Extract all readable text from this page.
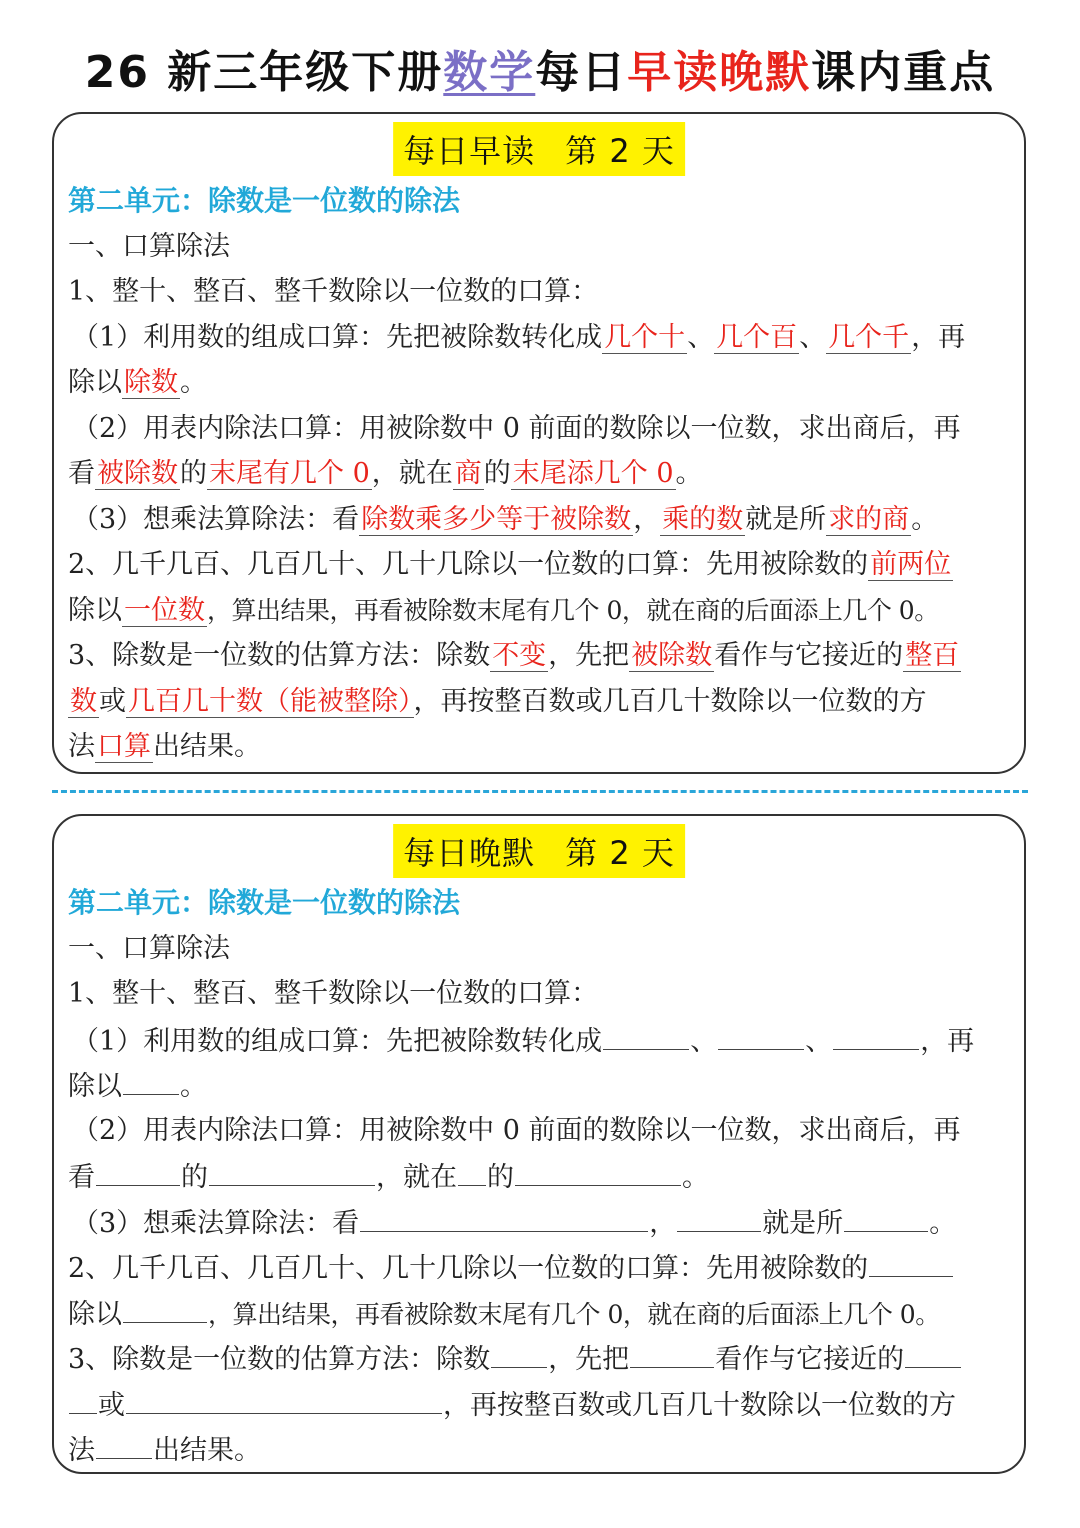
26 新三年级下册数学每日早读晚默课内重点
每日早读 第 2 天
第二单元：除数是一位数的除法
一、口算除法
1、整十、整百、整千数除以一位数的口算：
（1）利用数的组成口算：先把被除数转化成几个十、几个百、几个千，再
除以除数。
（2）用表内除法口算：用被除数中 0 前面的数除以一位数，求出商后，再
看被除数的末尾有几个 0，就在商的末尾添几个 0。
（3）想乘法算除法：看除数乘多少等于被除数，乘的数就是所求的商。
2、几千几百、几百几十、几十几除以一位数的口算：先用被除数的前两位
除以一位数，算出结果，再看被除数末尾有几个 0，就在商的后面添上几个 0。
3、除数是一位数的估算方法：除数不变，先把被除数看作与它接近的整百
数或几百几十数（能被整除），再按整百数或几百几十数除以一位数的方
法口算出结果。
每日晚默 第 2 天
第二单元：除数是一位数的除法
一、口算除法
1、整十、整百、整千数除以一位数的口算：
（1）利用数的组成口算：先把被除数转化成	、	、	，再
除以 。
（2）用表内除法口算：用被除数中 0 前面的数除以一位数，求出商后，再
看	的	，就在 的	。
（3）想乘法算除法：看	，	就是所	。
2、几千几百、几百几十、几十几除以一位数的口算：先用被除数的
除以	，算出结果，再看被除数末尾有几个 0，就在商的后面添上几个 0。
3、除数是一位数的估算方法：除数 ，先把	看作与它接近的
或	，再按整百数或几百几十数除以一位数的方
法 出结果。
